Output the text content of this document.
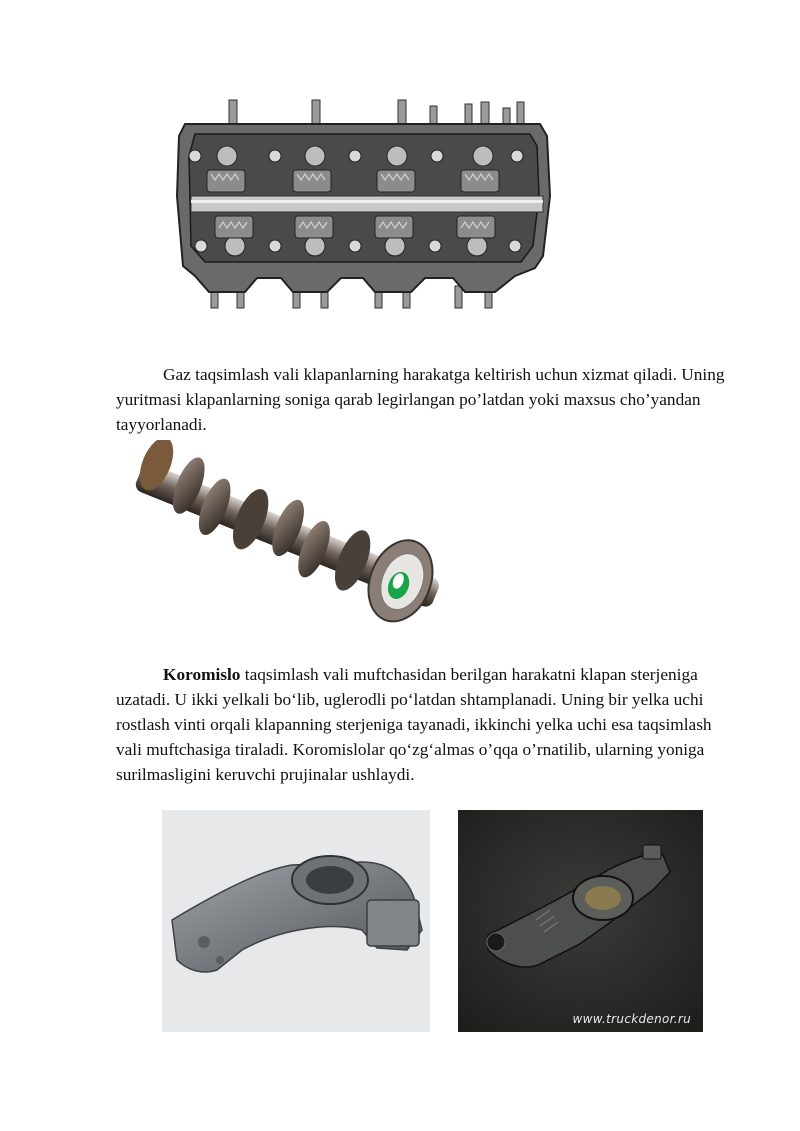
Gaz taqsimlash vali klapanlarning harakatga keltirish uchun xizmat qiladi. Uning yuritmasi klapanlarning soniga qarab legirlangan po’latdan yoki maxsus cho’yandan tayyorlanadi.

Koromislo taqsimlash vali muftchasidan berilgan harakatni klapan sterjeniga uzatadi. U ikki yelkali bo‘lib, uglerodli po‘latdan shtamplanadi. Uning bir yelka uchi rostlash vinti orqali klapanning sterjeniga tayanadi, ikkinchi yelka uchi esa taqsimlash vali muftchasiga tiraladi. Koromislolar qo‘zg‘almas o’qqa o’rnatilib, ularning yoniga surilmasligini keruvchi prujinalar ushlaydi.

www.truckdenor.ru
